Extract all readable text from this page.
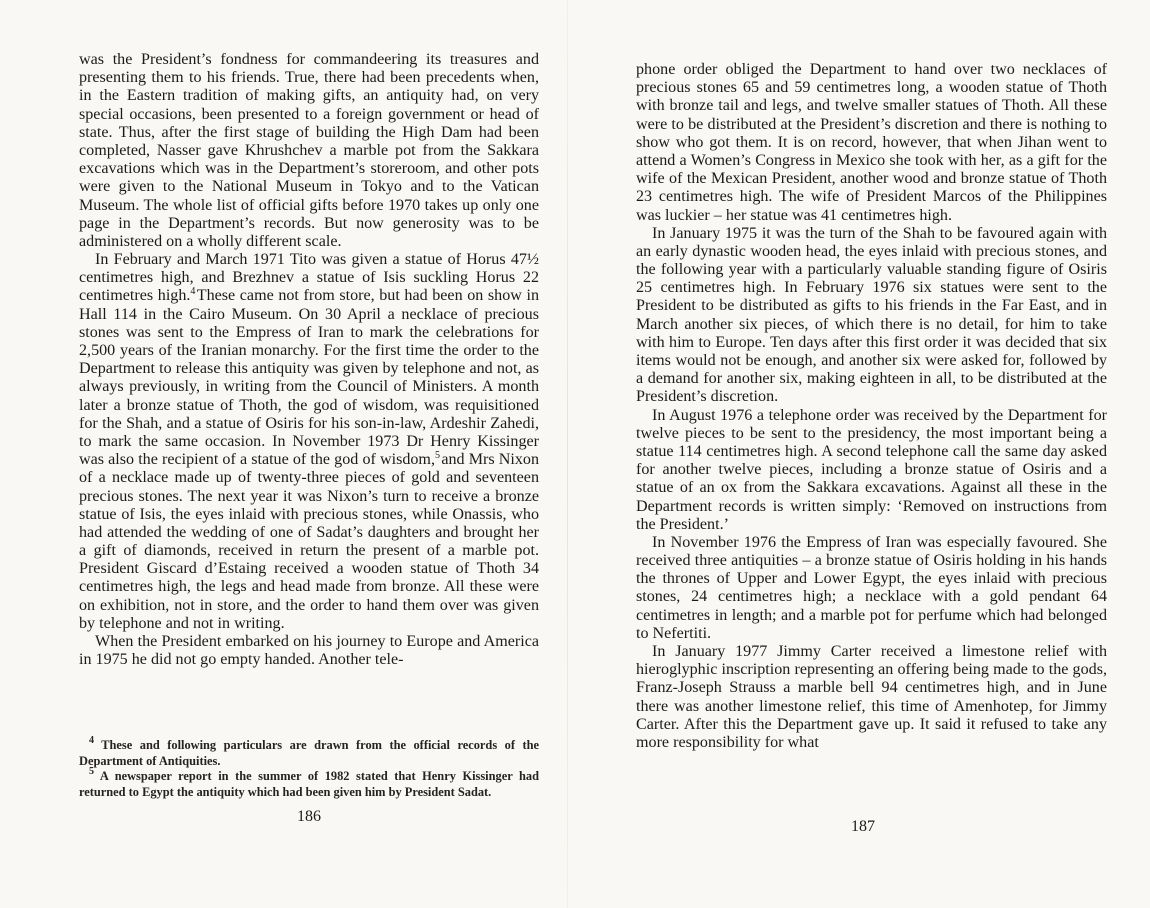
was the President’s fondness for commandeering its treasures and presenting them to his friends. True, there had been precedents when, in the Eastern tradition of making gifts, an antiquity had, on very special occasions, been presented to a foreign government or head of state. Thus, after the first stage of building the High Dam had been completed, Nasser gave Khrushchev a marble pot from the Sakkara excavations which was in the Department’s storeroom, and other pots were given to the National Museum in Tokyo and to the Vatican Museum. The whole list of official gifts before 1970 takes up only one page in the Department’s records. But now generosity was to be administered on a wholly different scale.

In February and March 1971 Tito was given a statue of Horus 47½ centimetres high, and Brezhnev a statue of Isis suckling Horus 22 centimetres high.$^4$ These came not from store, but had been on show in Hall 114 in the Cairo Museum. On 30 April a necklace of precious stones was sent to the Empress of Iran to mark the celebrations for 2,500 years of the Iranian monarchy. For the first time the order to the Department to release this antiquity was given by telephone and not, as always previously, in writing from the Council of Ministers. A month later a bronze statue of Thoth, the god of wisdom, was requisitioned for the Shah, and a statue of Osiris for his son-in-law, Ardeshir Zahedi, to mark the same occasion. In November 1973 Dr Henry Kissinger was also the recipient of a statue of the god of wisdom,$^5$ and Mrs Nixon of a necklace made up of twenty-three pieces of gold and seventeen precious stones. The next year it was Nixon’s turn to receive a bronze statue of Isis, the eyes inlaid with precious stones, while Onassis, who had attended the wedding of one of Sadat’s daughters and brought her a gift of diamonds, received in return the present of a marble pot. President Giscard d’Estaing received a wooden statue of Thoth 34 centimetres high, the legs and head made from bronze. All these were on exhibition, not in store, and the order to hand them over was given by telephone and not in writing.

When the President embarked on his journey to Europe and America in 1975 he did not go empty handed. Another tele-

$^4$ These and following particulars are drawn from the official records of the Department of Antiquities.

$^5$ A newspaper report in the summer of 1982 stated that Henry Kissinger had returned to Egypt the antiquity which had been given him by President Sadat.

186

phone order obliged the Department to hand over two necklaces of precious stones 65 and 59 centimetres long, a wooden statue of Thoth with bronze tail and legs, and twelve smaller statues of Thoth. All these were to be distributed at the President’s discretion and there is nothing to show who got them. It is on record, however, that when Jihan went to attend a Women’s Congress in Mexico she took with her, as a gift for the wife of the Mexican President, another wood and bronze statue of Thoth 23 centimetres high. The wife of President Marcos of the Philippines was luckier – her statue was 41 centimetres high.

In January 1975 it was the turn of the Shah to be favoured again with an early dynastic wooden head, the eyes inlaid with precious stones, and the following year with a particularly valuable standing figure of Osiris 25 centimetres high. In February 1976 six statues were sent to the President to be distributed as gifts to his friends in the Far East, and in March another six pieces, of which there is no detail, for him to take with him to Europe. Ten days after this first order it was decided that six items would not be enough, and another six were asked for, followed by a demand for another six, making eighteen in all, to be distributed at the President’s discretion.

In August 1976 a telephone order was received by the Department for twelve pieces to be sent to the presidency, the most important being a statue 114 centimetres high. A second telephone call the same day asked for another twelve pieces, including a bronze statue of Osiris and a statue of an ox from the Sakkara excavations. Against all these in the Department records is written simply: ‘Removed on instructions from the President.’

In November 1976 the Empress of Iran was especially favoured. She received three antiquities – a bronze statue of Osiris holding in his hands the thrones of Upper and Lower Egypt, the eyes inlaid with precious stones, 24 centimetres high; a necklace with a gold pendant 64 centimetres in length; and a marble pot for perfume which had belonged to Nefertiti.

In January 1977 Jimmy Carter received a limestone relief with hieroglyphic inscription representing an offering being made to the gods, Franz-Joseph Strauss a marble bell 94 centimetres high, and in June there was another limestone relief, this time of Amenhotep, for Jimmy Carter. After this the Department gave up. It said it refused to take any more responsibility for what

187
